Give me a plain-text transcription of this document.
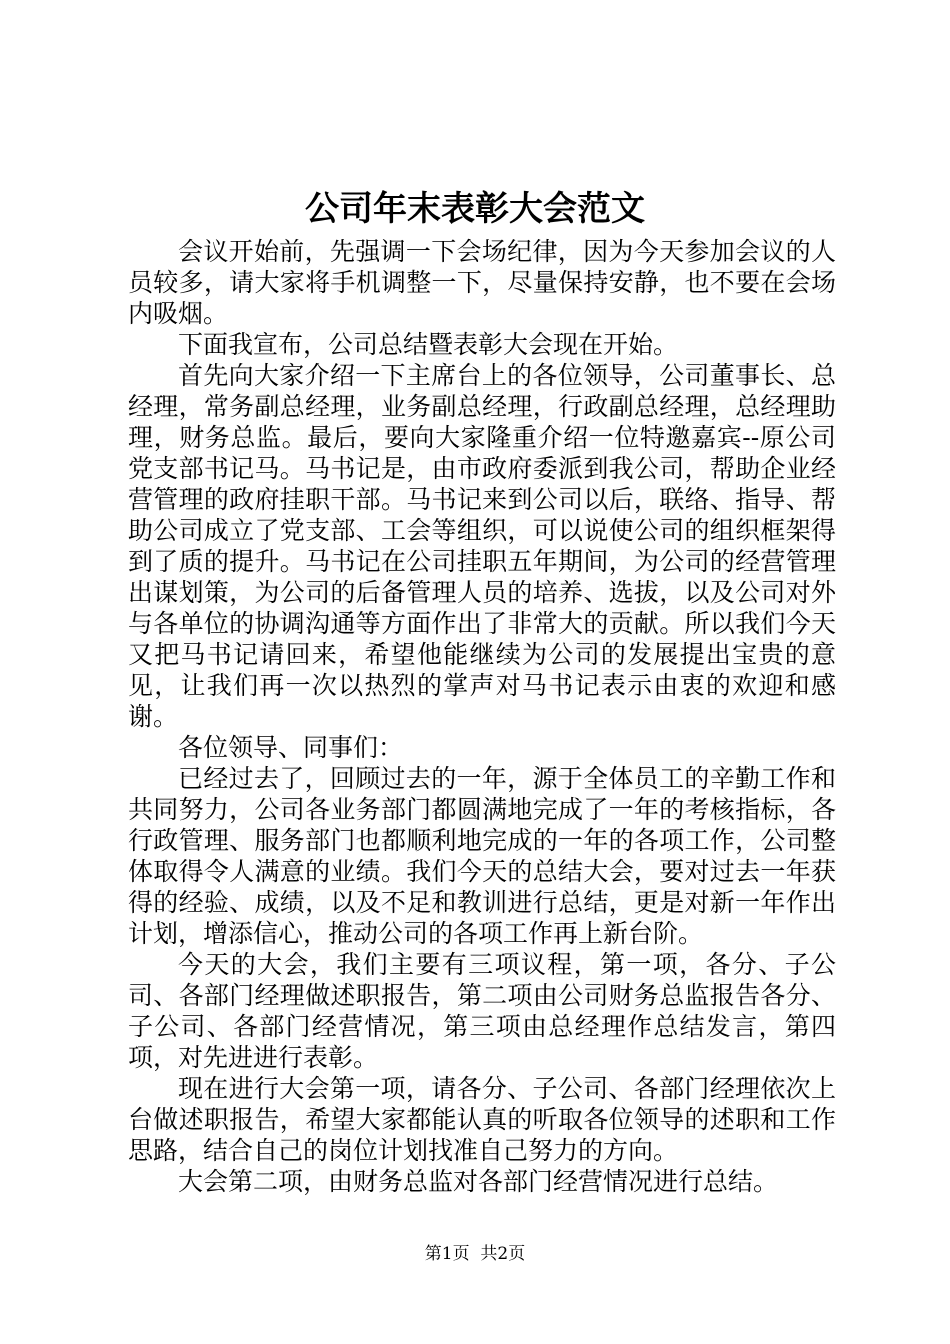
公司年末表彰大会范文

会议开始前，先强调一下会场纪律，因为今天参加会议的人员较多，请大家将手机调整一下，尽量保持安静，也不要在会场内吸烟。

下面我宣布，公司总结暨表彰大会现在开始。

首先向大家介绍一下主席台上的各位领导，公司董事长、总经理，常务副总经理，业务副总经理，行政副总经理，总经理助理，财务总监。最后，要向大家隆重介绍一位特邀嘉宾--原公司党支部书记马。马书记是，由市政府委派到我公司，帮助企业经营管理的政府挂职干部。马书记来到公司以后，联络、指导、帮助公司成立了党支部、工会等组织，可以说使公司的组织框架得到了质的提升。马书记在公司挂职五年期间，为公司的经营管理出谋划策，为公司的后备管理人员的培养、选拔，以及公司对外与各单位的协调沟通等方面作出了非常大的贡献。所以我们今天又把马书记请回来，希望他能继续为公司的发展提出宝贵的意见，让我们再一次以热烈的掌声对马书记表示由衷的欢迎和感谢。

各位领导、同事们：

已经过去了，回顾过去的一年，源于全体员工的辛勤工作和共同努力，公司各业务部门都圆满地完成了一年的考核指标，各行政管理、服务部门也都顺利地完成的一年的各项工作，公司整体取得令人满意的业绩。我们今天的总结大会，要对过去一年获得的经验、成绩，以及不足和教训进行总结，更是对新一年作出计划，增添信心，推动公司的各项工作再上新台阶。

今天的大会，我们主要有三项议程，第一项，各分、子公司、各部门经理做述职报告，第二项由公司财务总监报告各分、子公司、各部门经营情况，第三项由总经理作总结发言，第四项，对先进进行表彰。

现在进行大会第一项，请各分、子公司、各部门经理依次上台做述职报告，希望大家都能认真的听取各位领导的述职和工作思路，结合自己的岗位计划找准自己努力的方向。

大会第二项，由财务总监对各部门经营情况进行总结。

第1页 共2页
